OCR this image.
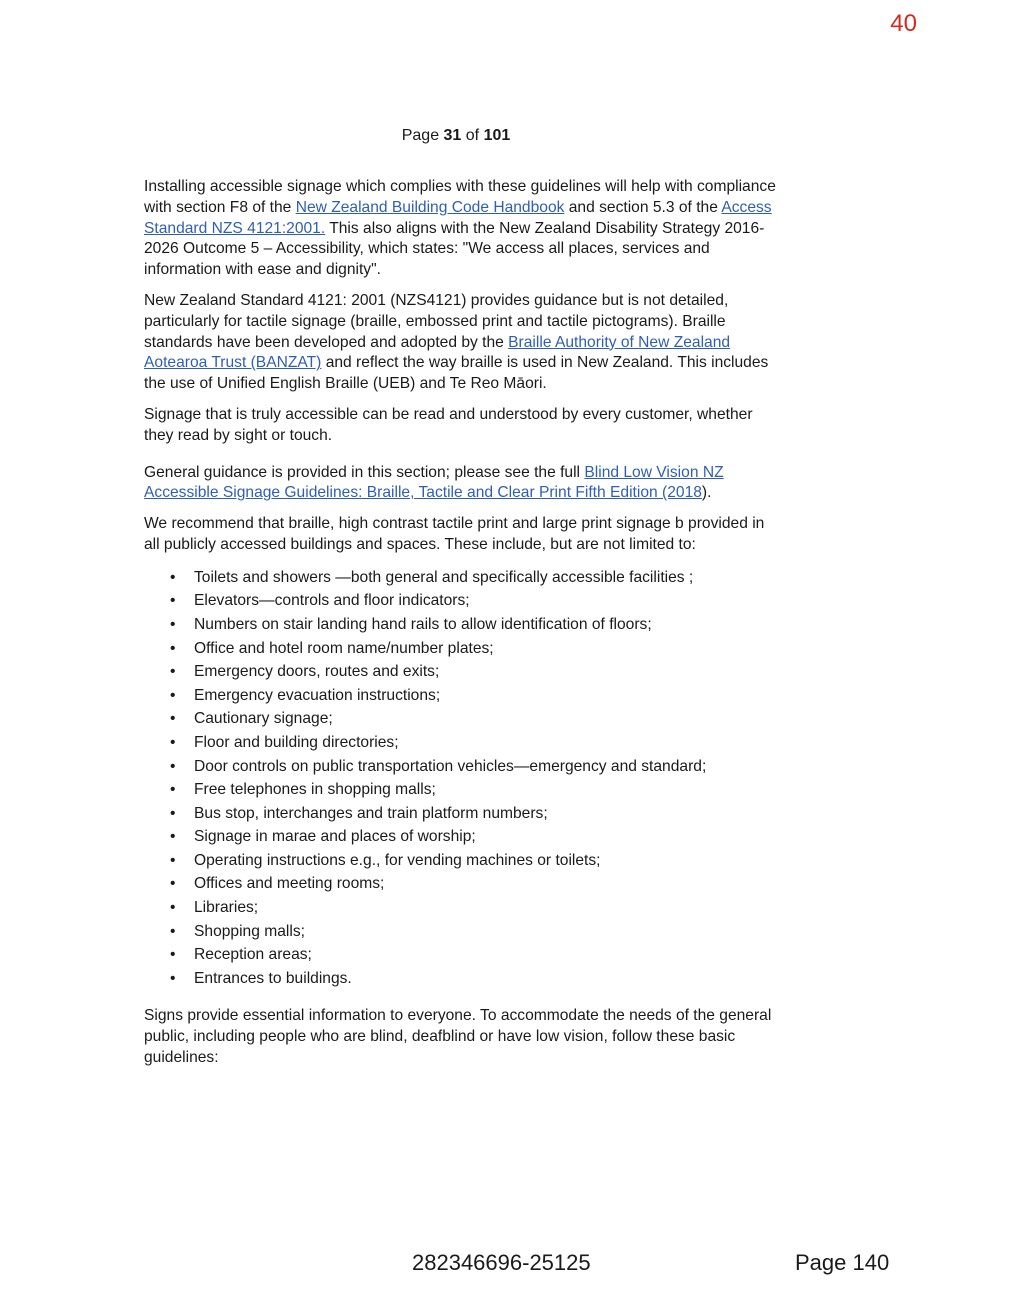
40
Page 31 of 101

Installing accessible signage which complies with these guidelines will help with compliance with section F8 of the New Zealand Building Code Handbook and section 5.3 of the Access Standard NZS 4121:2001. This also aligns with the New Zealand Disability Strategy 2016-2026 Outcome 5 – Accessibility, which states: "We access all places, services and information with ease and dignity".

New Zealand Standard 4121: 2001 (NZS4121) provides guidance but is not detailed, particularly for tactile signage (braille, embossed print and tactile pictograms). Braille standards have been developed and adopted by the Braille Authority of New Zealand Aotearoa Trust (BANZAT) and reflect the way braille is used in New Zealand. This includes the use of Unified English Braille (UEB) and Te Reo Māori.

Signage that is truly accessible can be read and understood by every customer, whether they read by sight or touch.

General guidance is provided in this section; please see the full Blind Low Vision NZ Accessible Signage Guidelines: Braille, Tactile and Clear Print Fifth Edition (2018).

We recommend that braille, high contrast tactile print and large print signage b provided in all publicly accessed buildings and spaces. These include, but are not limited to:

• Toilets and showers —both general and specifically accessible facilities ;
• Elevators—controls and floor indicators;
• Numbers on stair landing hand rails to allow identification of floors;
• Office and hotel room name/number plates;
• Emergency doors, routes and exits;
• Emergency evacuation instructions;
• Cautionary signage;
• Floor and building directories;
• Door controls on public transportation vehicles—emergency and standard;
• Free telephones in shopping malls;
• Bus stop, interchanges and train platform numbers;
• Signage in marae and places of worship;
• Operating instructions e.g., for vending machines or toilets;
• Offices and meeting rooms;
• Libraries;
• Shopping malls;
• Reception areas;
• Entrances to buildings.

Signs provide essential information to everyone. To accommodate the needs of the general public, including people who are blind, deafblind or have low vision, follow these basic guidelines:

282346696-25125	Page 140
